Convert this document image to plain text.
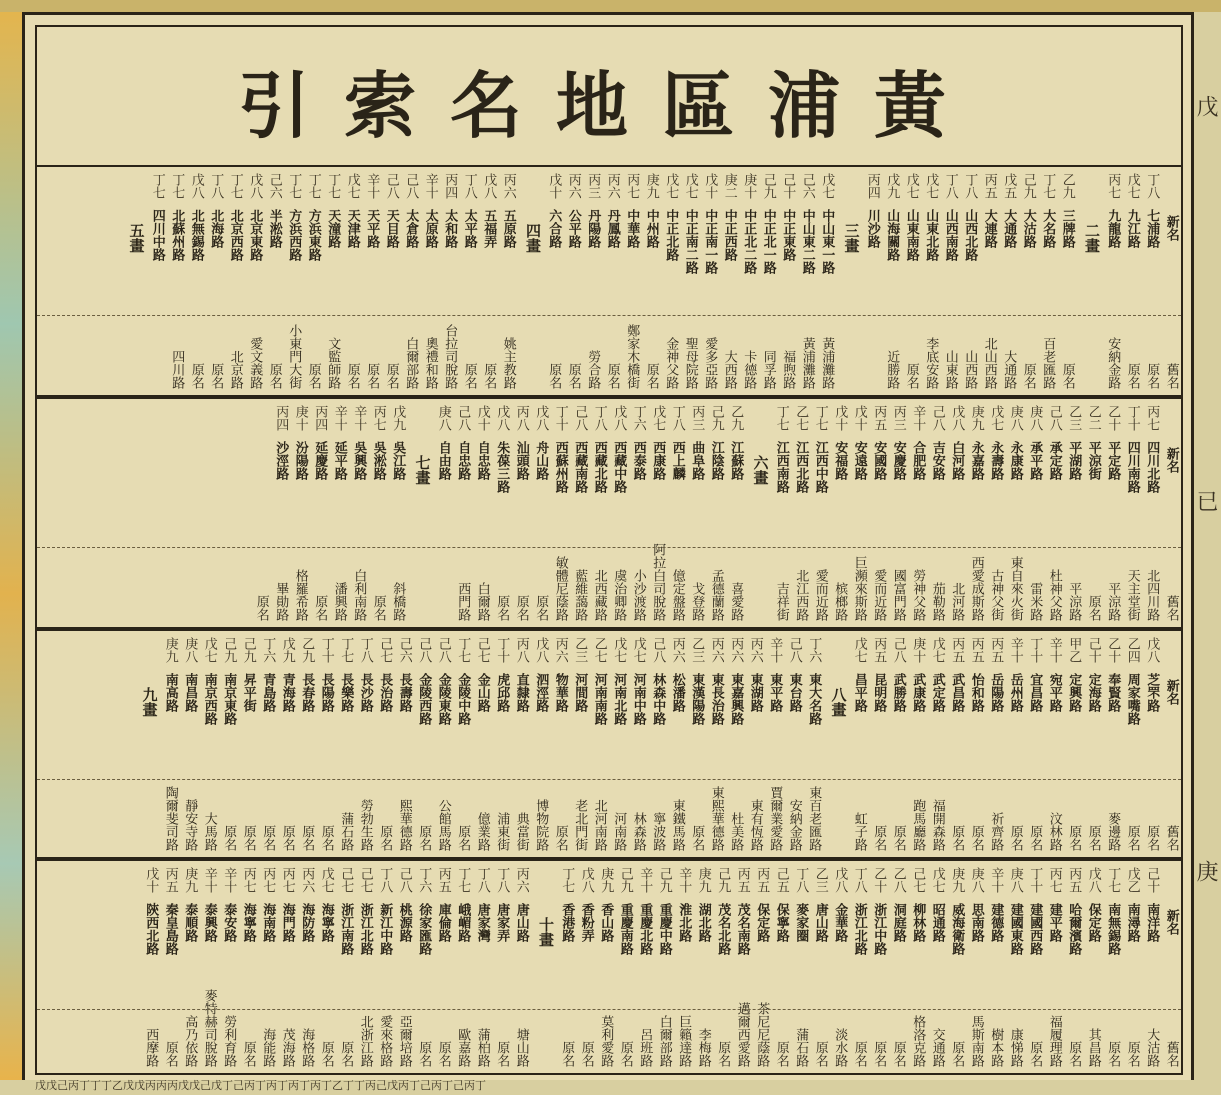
黃浦區地名索引
新名
舊名
丁八
七浦路
原名
戊七
九江路
原名
丙七
九龍路
安納金路
二畫
乙九
三牌路
原名
丁七
大名路
百老匯路
己九
大沽路
原名
戊五
大通路
大通路
丙五
大連路
北山西路
丁八
山西北路
山西路
丁八
山西南路
山東路
戊七
山東北路
李底安路
戊七
山東南路
原名
戊九
山海關路
近勝路
丙四
川沙路
三畫
戊七
中山東一路
黃浦灘路
己六
中山東二路
黃浦灘路
己十
中正東路
福煦路
己九
中正北一路
同孚路
庚十
中正北二路
卡德路
庚二
中正西路
大西路
戊十
中正南一路
愛多亞路
戊七
中正南二路
聖母院路
戊七
中正北路
金神父路
庚九
中州路
原名
丙七
中華路
鄭家木橋街
丙六
丹鳳路
原名
丙三
丹陽路
勞合路
丙六
公平路
原名
戊十
六合路
原名
四畫
丙六
五原路
姚主教路
戊八
五福弄
原名
丁八
太平路
原名
丙四
太和路
台拉司脫路
辛十
太原路
奧禮和路
己八
太倉路
白爾部路
己八
天目路
原名
辛十
天平路
原名
戊七
天津路
原名
丁七
天潼路
文監師路
丁七
方浜東路
原名
丁七
方浜西路
小東門大街
己六
半淞路
原名
戊八
北京東路
愛文義路
丁七
北京西路
北京路
丁八
北海路
原名
戊八
北無錫路
原名
丁七
北蘇州路
四川路
丁七
四川中路
五畫
新名
舊名
丙七
四川北路
北四川路
丁十
四川南路
天主堂街
乙十
平定路
平涼路
乙二
平涼街
原名
乙三
平湖路
平涼路
己八
承定路
杜神父路
庚八
承平路
雷米路
庚八
永康路
東自來火街
戊七
永壽路
古神父街
庚九
永嘉路
西愛成斯路
戊八
白河路
北河路
己八
吉安路
茄勒路
辛十
合肥路
勞神父路
丙三
安慶路
國富門路
丙五
安國路
愛而近路
戊十
安遠路
巨瀕來斯路
戊十
安福路
槟榔路
丁七
江西中路
愛而近路
乙七
江西北路
北江西路
丁七
江西南路
吉祥街
六畫
乙九
江蘇路
喜愛路
己九
江陰路
孟德蘭路
丙三
曲阜路
戈登路
丁八
西上麟
億定盤路
戊七
西康路
阿拉白司脫路
丁六
西泰路
小沙渡路
戊八
西藏中路
虞治卿路
丁八
西藏北路
北西藏路
己八
西藏南路
藍維藹路
丁十
西蘇州路
敏體尼蔭路
戊八
舟山路
原名
丙八
汕頭路
原名
戊八
朱葆三路
原名
戊十
自忠路
白爾路
己八
自忠路
西門路
庚八
自由路
七畫
戊九
吳江路
斜橋路
丙七
吳淞路
原名
辛十
吳興路
白利南路
辛十
延平路
潘興路
丙四
延慶路
原名
庚十
汾陽路
格羅希路
丙四
沙涇路
畢勛路
原名
新名
舊名
戊八
芝罘路
原名
乙四
周家嘴路
原名
乙十
奉賢路
麥邊路
己十
定海路
原名
甲乙
定興路
原名
辛十
宛平路
汶林路
丁十
宜昌路
原名
辛十
岳州路
原名
丙五
岳陽路
祈齊路
丙五
怡和路
原名
丙五
武昌路
原名
戊七
武定路
福開森路
庚十
武康路
跑馬廳路
己八
武勝路
原名
丙五
昆明路
原名
戊七
昌平路
虹子路
八畫
丁六
東大名路
東百老匯路
己八
東台路
安納金路
辛十
東平路
賈爾業愛路
丙六
東湖路
東有恆路
丙六
東嘉興路
杜美路
丙六
東長治路
東熙華德路
乙三
東漢陽路
原名
丙六
松潘路
東鐵馬路
己八
林森中路
寧波路
戊七
河南中路
林森路
戊七
河南北路
河南路
乙七
河南南路
北河南路
乙三
河間路
老北門街
丙六
物華路
原名
戊八
泗涇路
博物院路
丙八
直隸路
典當街
丁十
虎邱路
浦東街
己七
金山路
億業路
丁七
金陵中路
原名
己八
金陵東路
公館馬路
己八
金陵西路
原名
己六
長壽路
熙華德路
己七
長治路
原名
丁八
長沙路
勞勃生路
丁七
長樂路
蒲石路
丁十
長陽路
原名
乙九
長春路
原名
戊九
青海路
原名
丁六
青島路
原名
己九
昇平街
原名
己九
南京東路
原名
戊七
南京西路
大馬路
庚八
南昌路
靜安寺路
庚九
南高路
陶爾斐司路
九畫
新名
舊名
己十
南洋路
大沽路
戊乙
南潯路
原名
丁七
南無錫路
原名
戊八
保定路
其昌路
丙五
哈爾濱路
原名
丙七
建平路
福履理路
丁十
建國西路
原名
庚八
建國東路
康悌路
辛十
建德路
樹本路
庚八
思南路
馬斯南路
庚九
威海衛路
原名
戊七
昭通路
交通路
己七
柳林路
格洛克路
乙八
洞庭路
原名
乙十
浙江中路
原名
丁八
浙江北路
原名
戊八
金華路
淡水路
乙三
唐山路
原名
丁八
麥家圈
蒲石路
己五
保寧路
原名
丙五
保定路
茶尼尼蔭路
丙五
茂名南路
邁爾西愛路
己九
茂名北路
原名
庚九
湖北路
李梅路
辛十
淮北路
巨籟達路
己九
重慶中路
白爾部路
辛十
重慶北路
呂班路
己九
重慶南路
原名
庚九
香山路
莫利愛路
戊八
香粉弄
原名
丁七
香港路
原名
十畫
丙六
唐山路
塘山路
丁八
唐家弄
原名
丁八
唐家灣
蒲柏路
丁七
峨嵋路
歐嘉路
丙五
庫倫路
原名
丁六
徐家匯路
原名
己八
桃源路
亞爾培路
丁八
新江中路
愛來格路
己七
浙江北路
北浙江路
己七
浙江南路
原名
戊七
海寧路
原名
丙六
海防路
海格路
丙七
海門路
茂海路
丙七
海南路
海能路
丙七
海寧路
原名
辛十
泰安路
勞利育路
辛十
泰興路
麥特赫司脫路
庚九
泰順路
高乃依路
丙五
秦皇島路
原名
戊十
陝西北路
西摩路
戊戊己丙丁丁丁乙戊戊丙丙丙戊戊己戊丁己丙丁丙丁丙丁丙丁乙丁丁丙己戊丙丁己丙丁己丙丁
戊
已
庚
